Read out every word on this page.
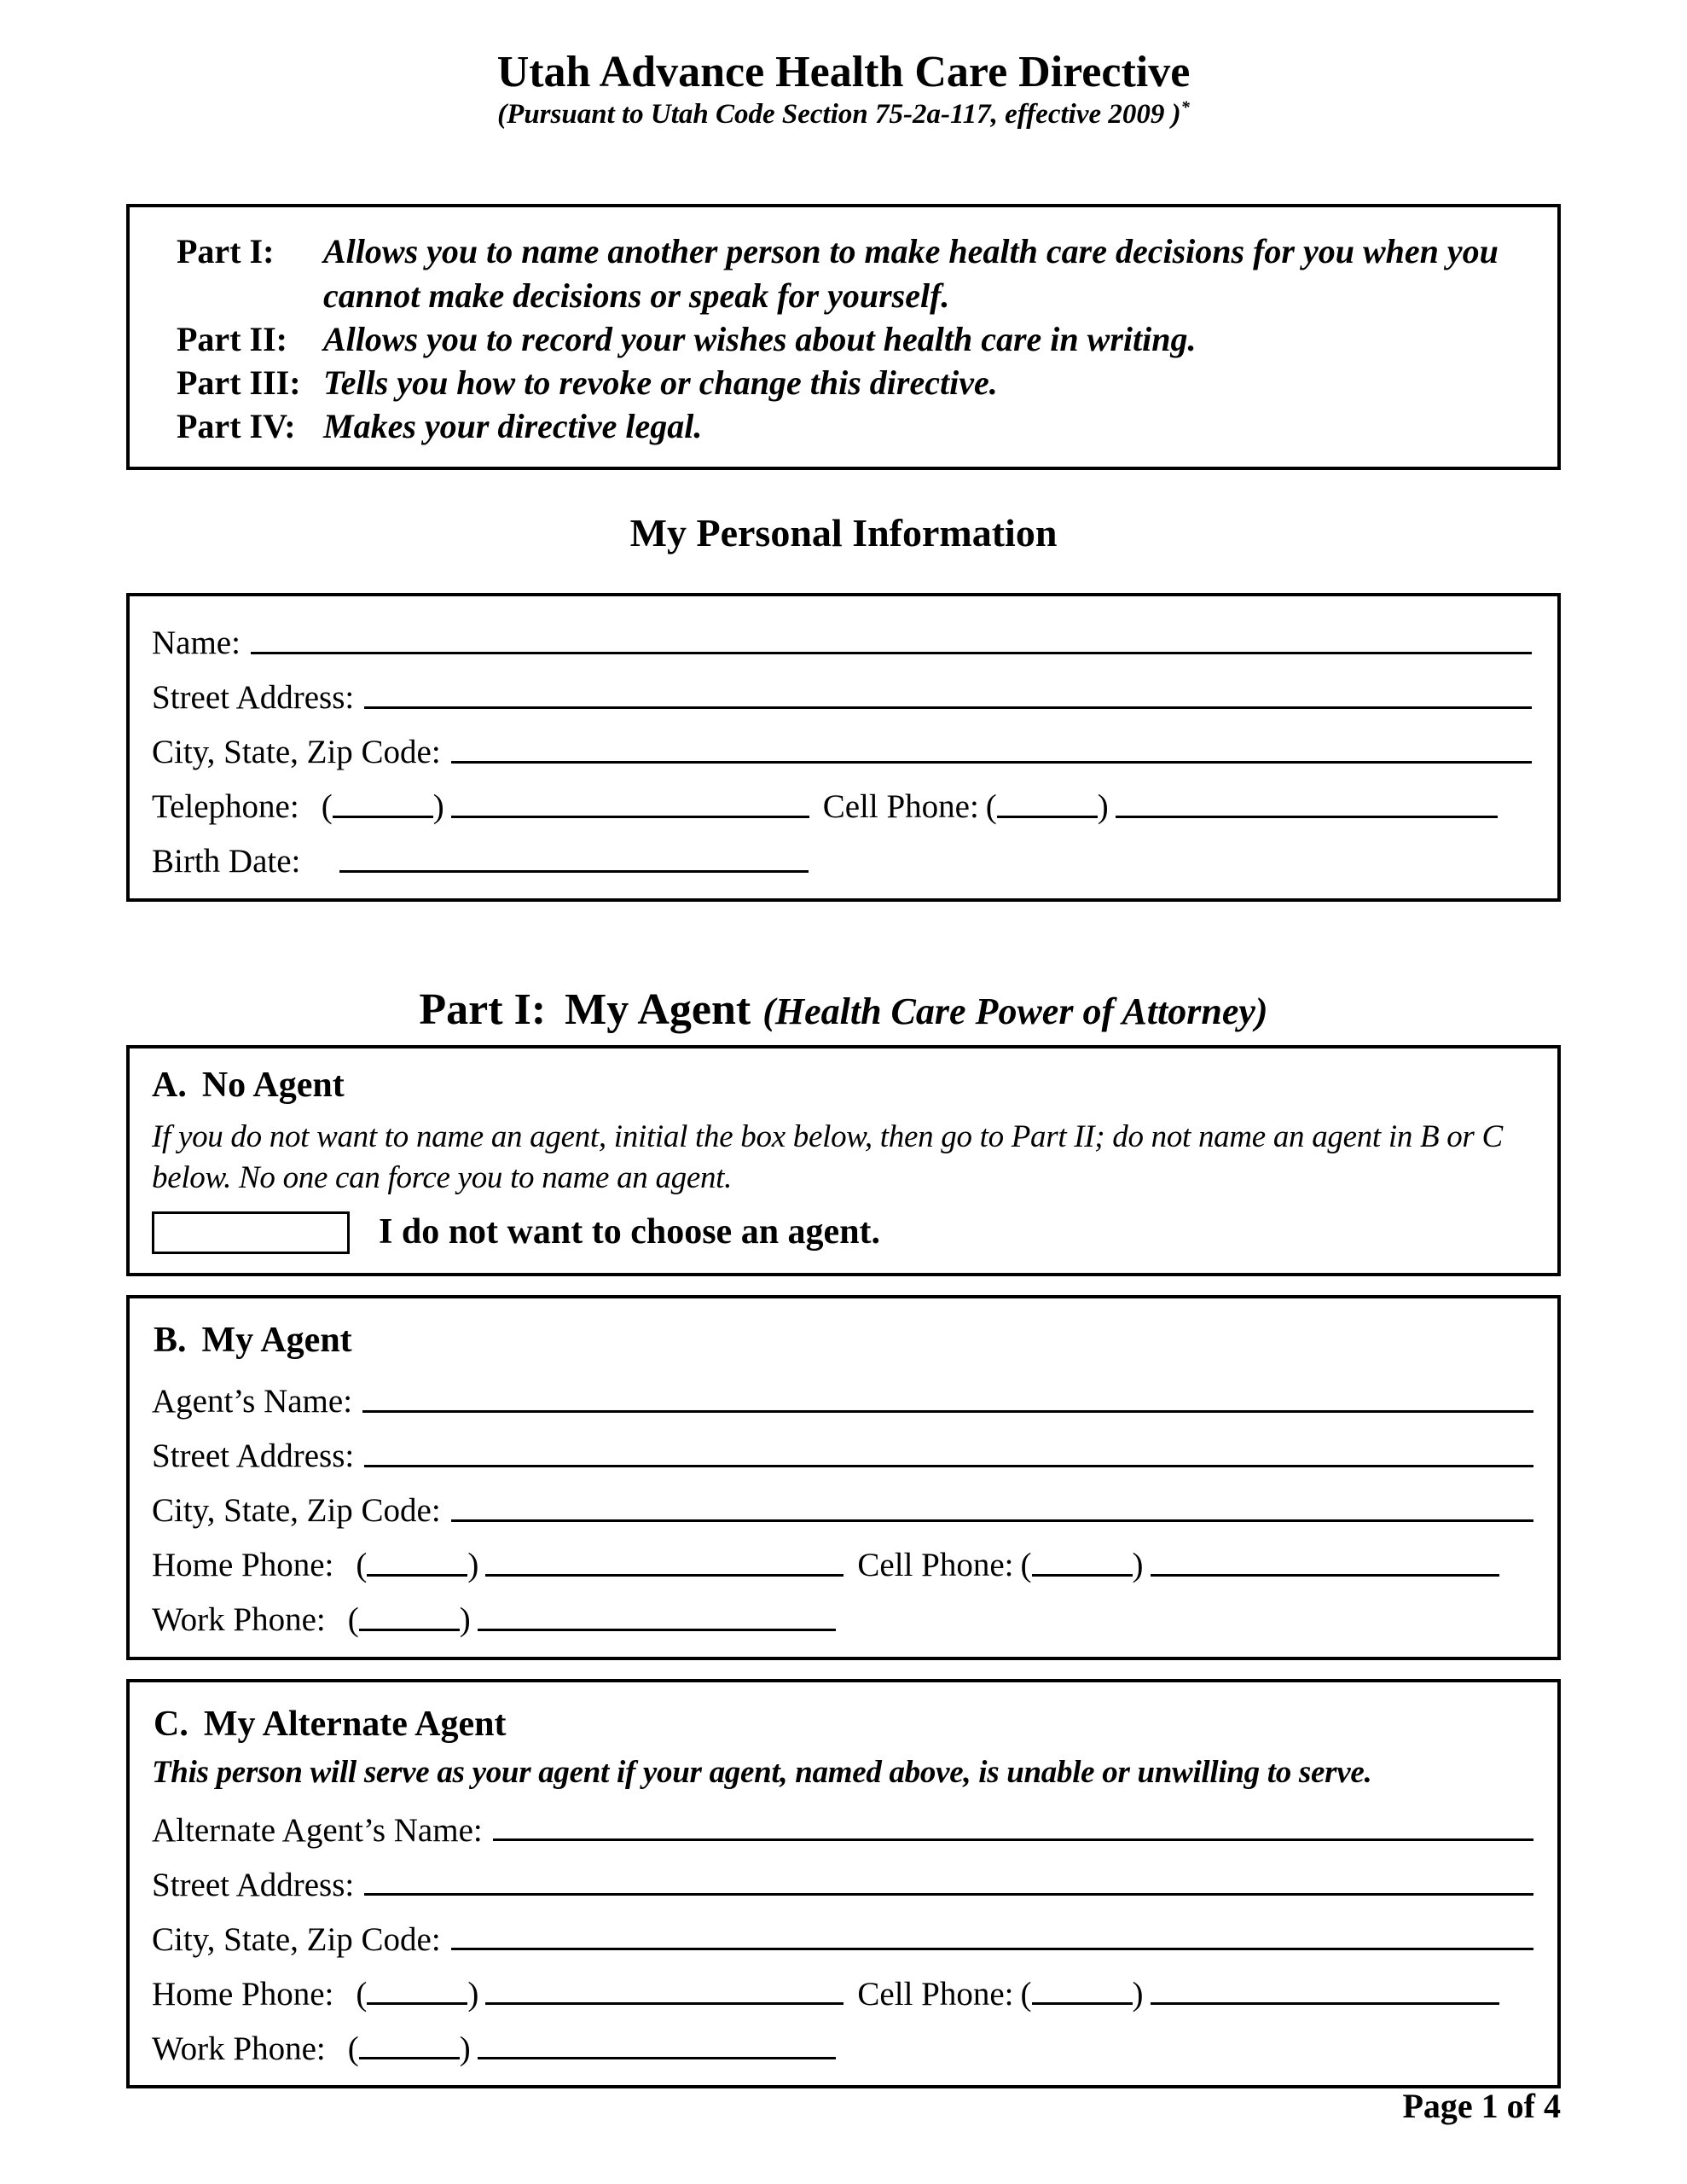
Utah Advance Health Care Directive
(Pursuant to Utah Code Section 75-2a-117, effective 2009 )*
Part I:	Allows you to name another person to make health care decisions for you when you cannot make decisions or speak for yourself.
Part II:	Allows you to record your wishes about health care in writing.
Part III: Tells you how to revoke or change this directive.
Part IV: Makes your directive legal.
My Personal Information
Name:
Street Address:
City, State, Zip Code:
Telephone: (	)	Cell Phone: (	)
Birth Date:
Part I: My Agent (Health Care Power of Attorney)
A. No Agent
If you do not want to name an agent, initial the box below, then go to Part II; do not name an agent in B or C below. No one can force you to name an agent.
I do not want to choose an agent.
B. My Agent
Agent’s Name:
Street Address:
City, State, Zip Code:
Home Phone: (	)	Cell Phone: (	)
Work Phone: (	)
C. My Alternate Agent
This person will serve as your agent if your agent, named above, is unable or unwilling to serve.
Alternate Agent’s Name:
Street Address:
City, State, Zip Code:
Home Phone: (	)	Cell Phone: (	)
Work Phone: (	)
Page 1 of 4
